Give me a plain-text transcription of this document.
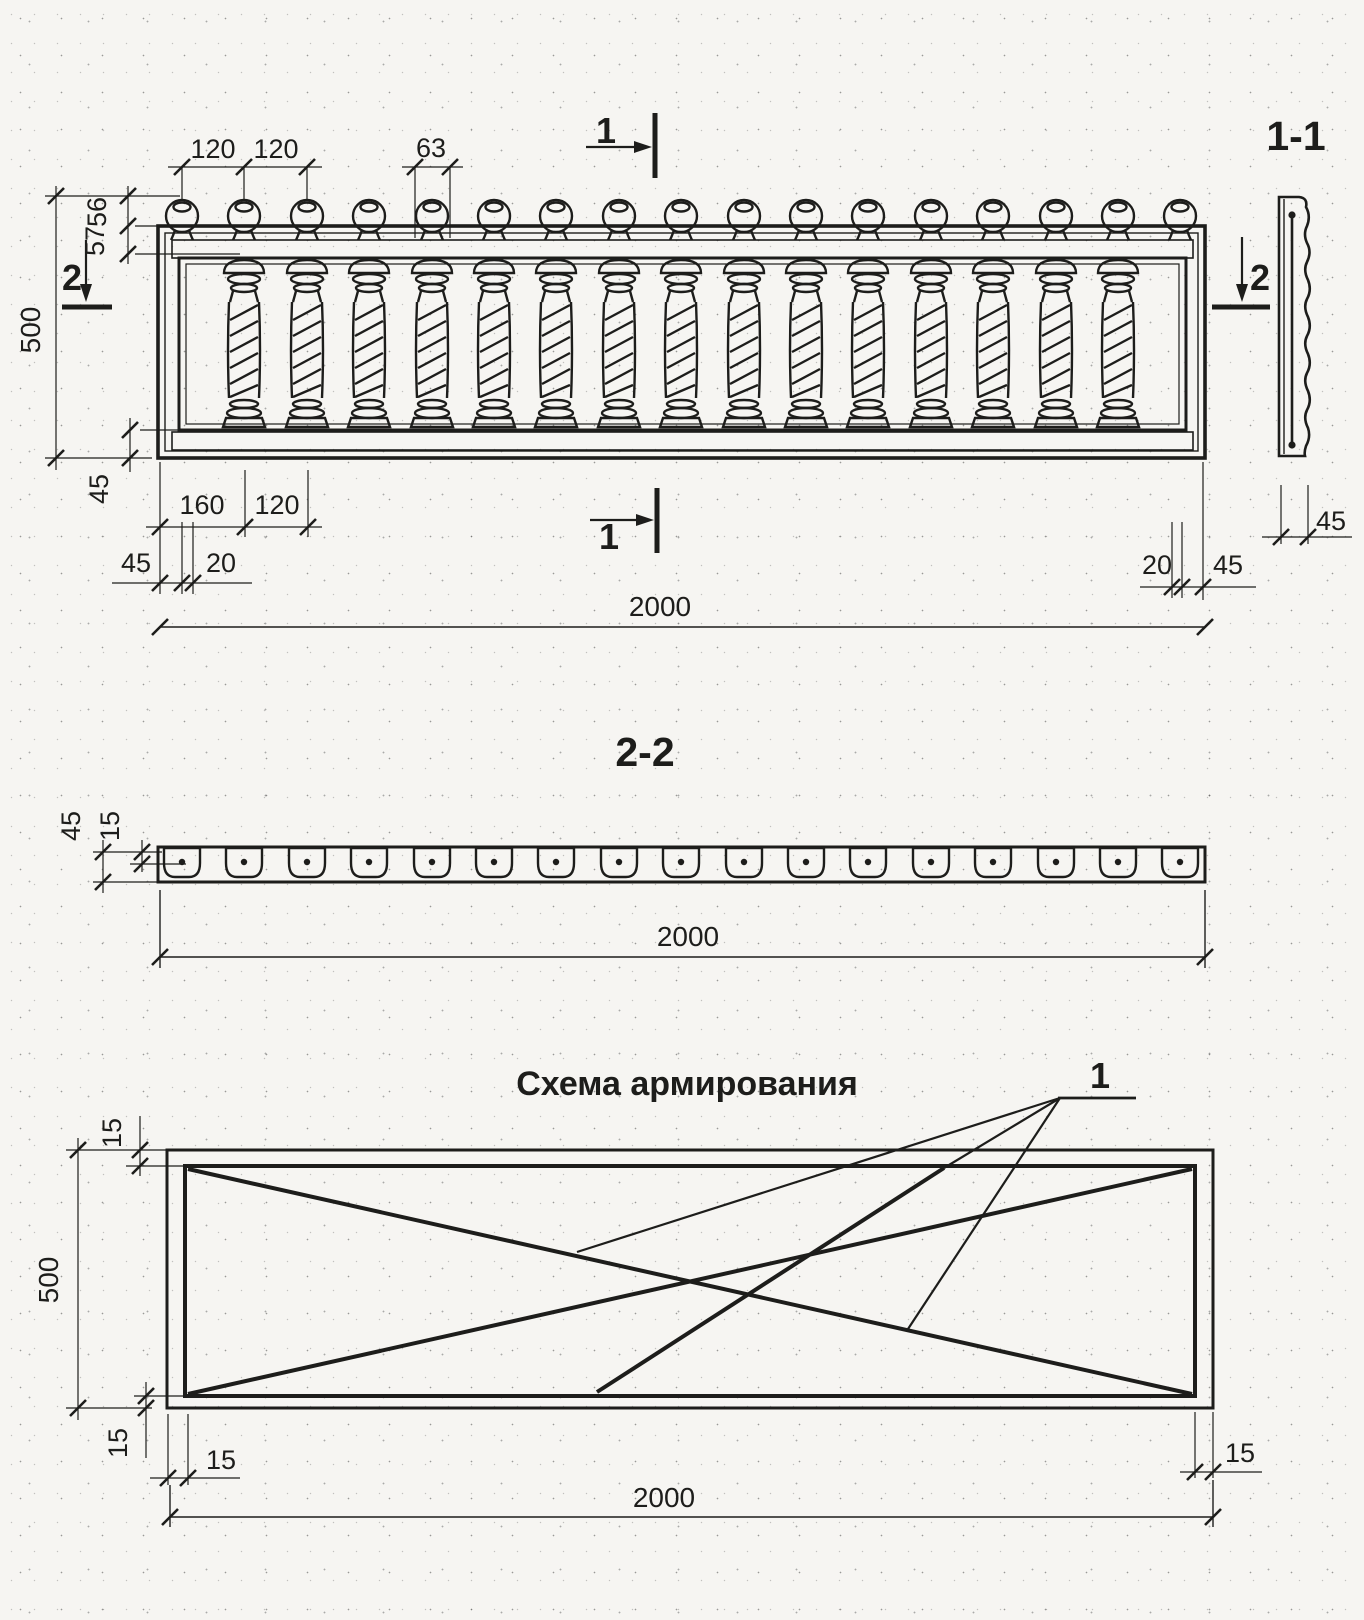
120 120	63
56
57
500
45
160 120
45 20	20 45
2000
1
1
2	2
1-1
45
2-2
45 15
2000
Схема армирования	1
15
500
15
15	15
2000
